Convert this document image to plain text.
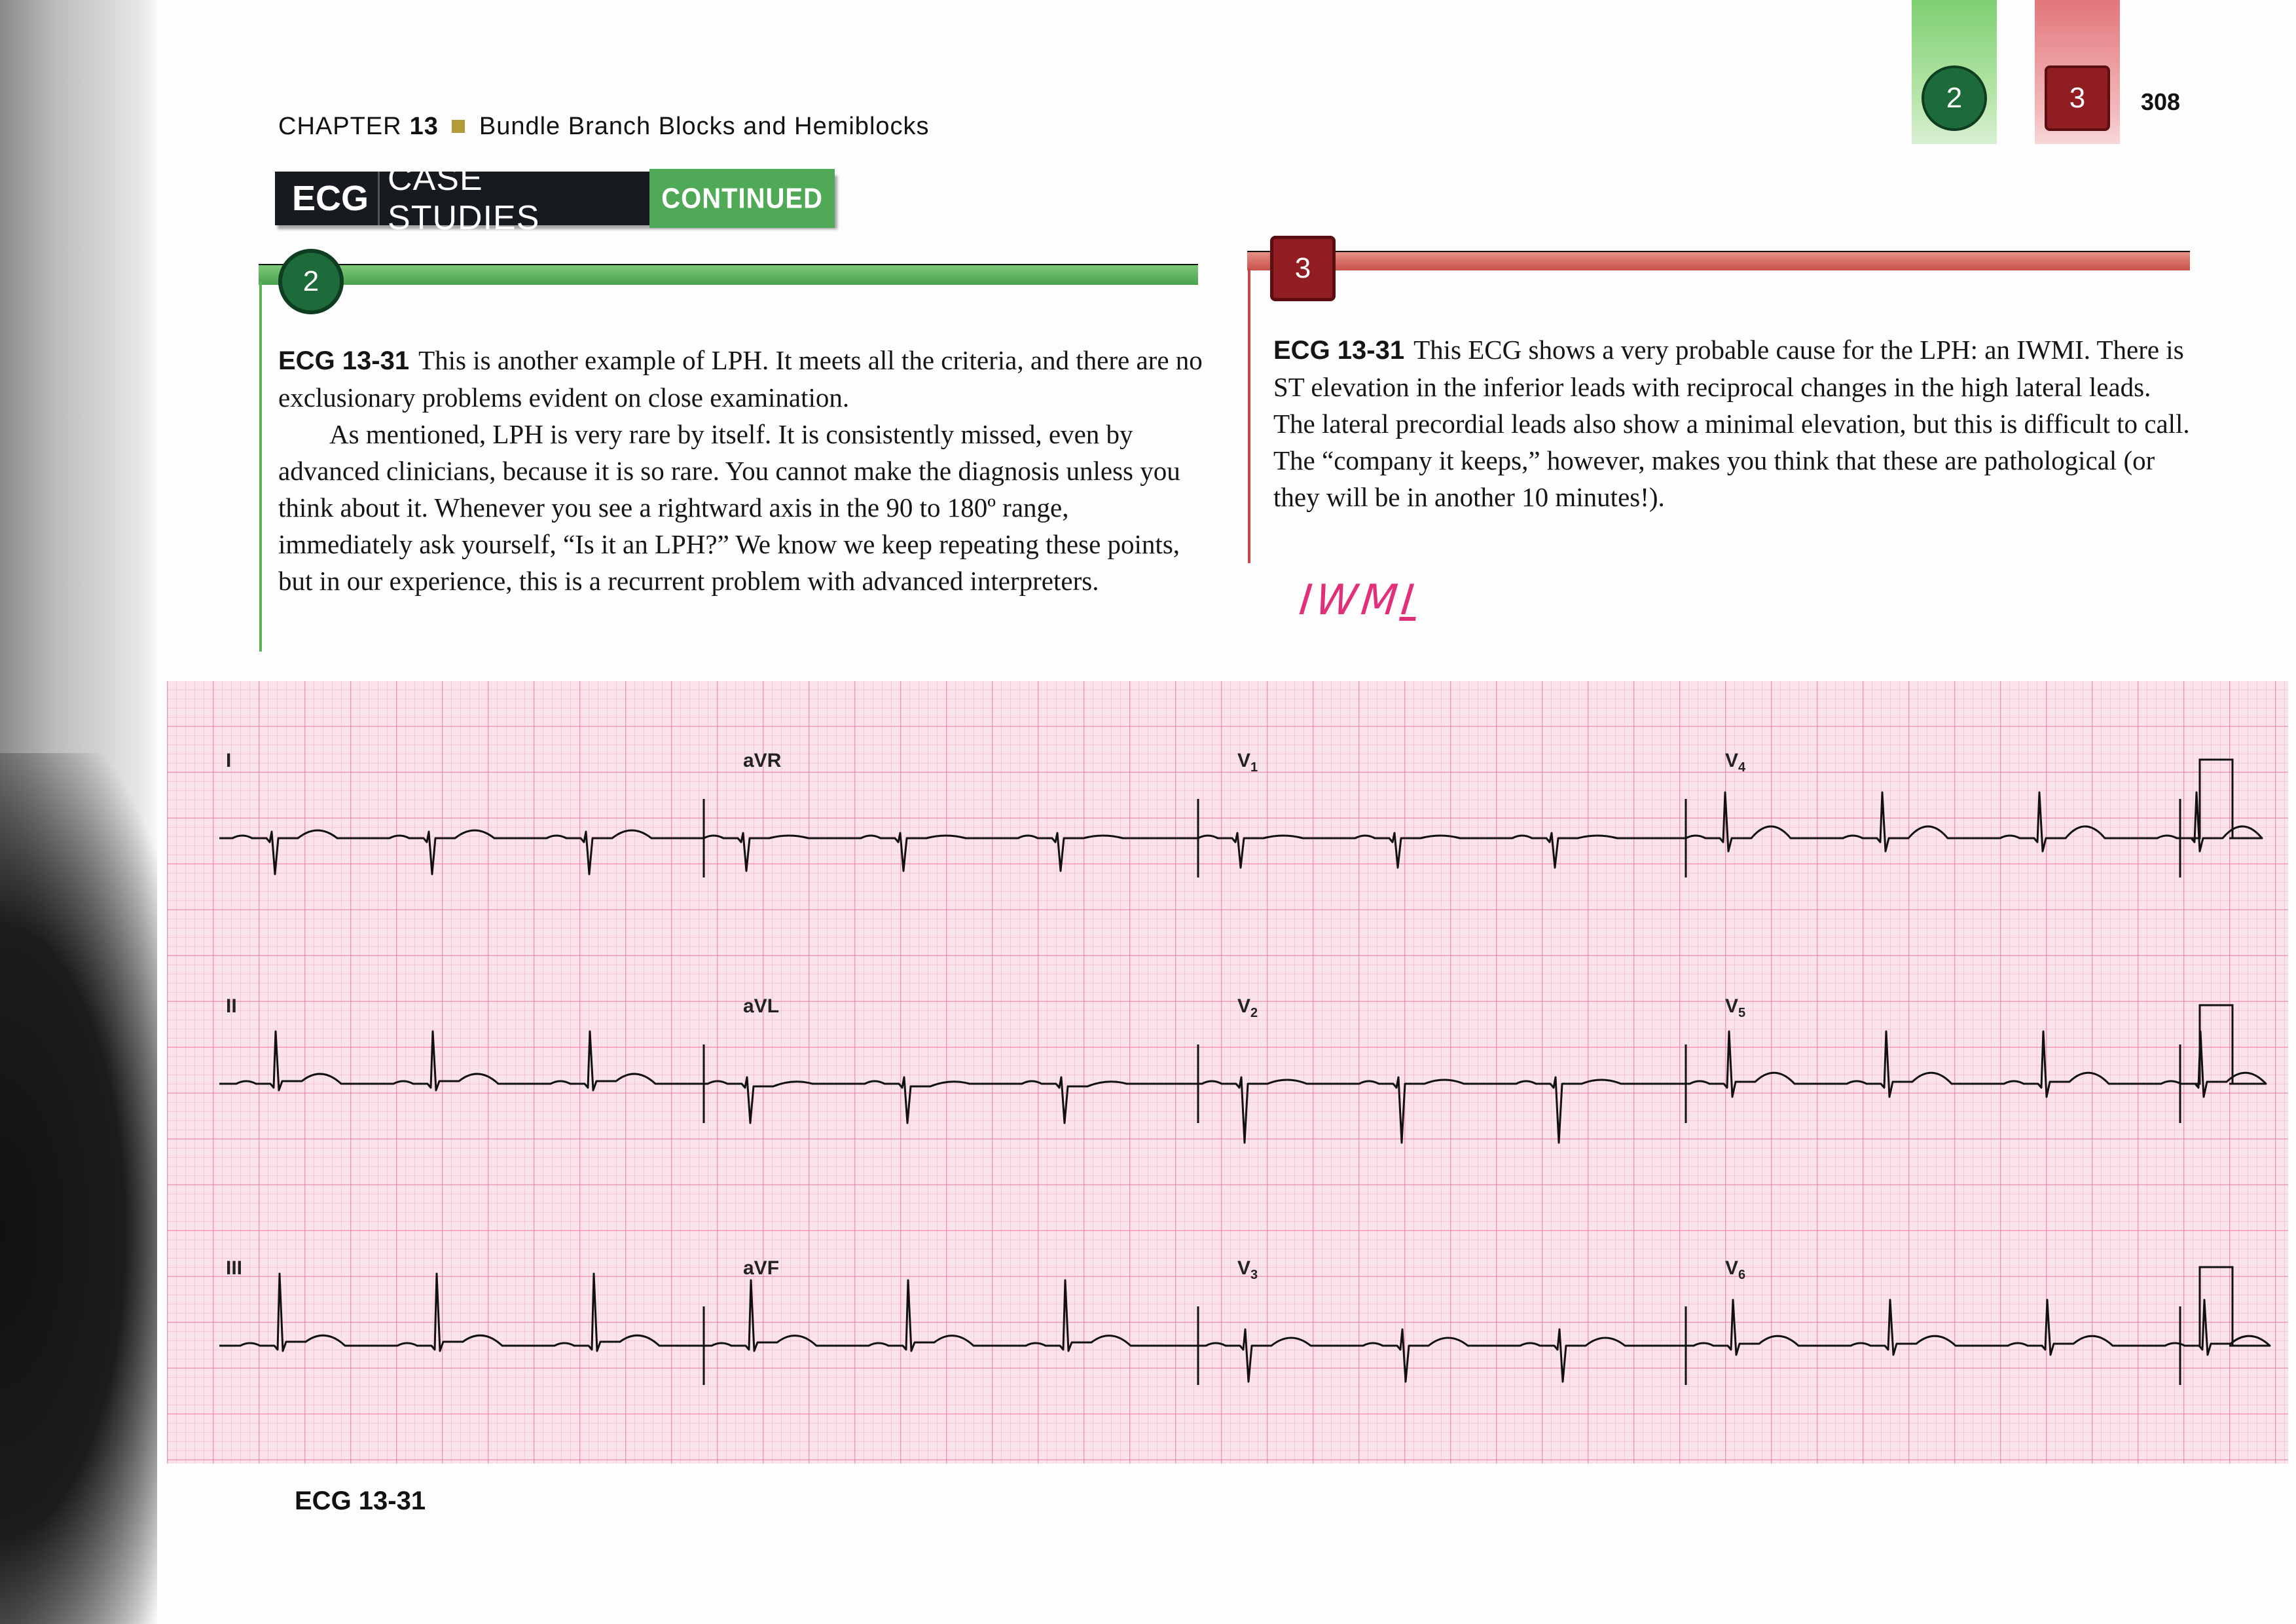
CHAPTER 13 Bundle Branch Blocks and Hemiblocks
2	3	308
ECG CASE STUDIES
CONTINUED
2

ECG 13-31 This is another example of LPH. It meets all the criteria, and there are no exclusionary problems evident on close examination.

As mentioned, LPH is very rare by itself. It is consistently missed, even by advanced clinicians, because it is so rare. You cannot make the diagnosis unless you think about it. Whenever you see a rightward axis in the 90 to 180º range, immediately ask yourself, “Is it an LPH?” We know we keep repeating these points, but in our experience, this is a recurrent problem with advanced interpreters.

3

ECG 13-31 This ECG shows a very probable cause for the LPH: an IWMI. There is ST elevation in the inferior leads with reciprocal changes in the high lateral leads. The lateral precordial leads also show a minimal elevation, but this is difficult to call. The “company it keeps,” however, makes you think that these are pathological (or they will be in another 10 minutes!).

IWMI
I	aVR	$V_1$	$V_4$
II	aVL	$V_2$	$V_5$
III	aVF	$V_3$	$V_6$
ECG 13-31
